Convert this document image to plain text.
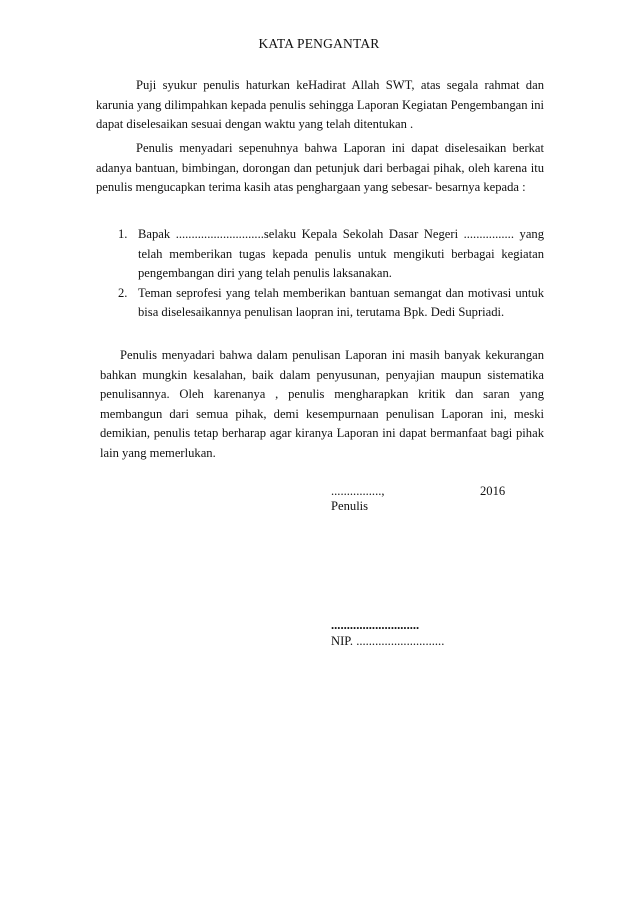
KATA PENGANTAR

Puji syukur penulis haturkan keHadirat Allah SWT, atas segala rahmat dan karunia yang dilimpahkan kepada penulis sehingga Laporan Kegiatan Pengembangan ini dapat diselesaikan sesuai dengan waktu yang telah ditentukan .

Penulis menyadari sepenuhnya bahwa Laporan ini dapat diselesaikan berkat adanya bantuan, bimbingan, dorongan dan petunjuk dari berbagai pihak, oleh karena itu penulis mengucapkan terima kasih atas penghargaan yang sebesar- besarnya kepada :

1. Bapak ............................selaku Kepala Sekolah Dasar Negeri ................ yang telah memberikan tugas kepada penulis untuk mengikuti berbagai kegiatan pengembangan diri yang telah penulis laksanakan.
2. Teman seprofesi yang telah memberikan bantuan semangat dan motivasi untuk bisa diselesaikannya penulisan laopran ini, terutama Bpk. Dedi Supriadi.

Penulis menyadari bahwa dalam penulisan Laporan ini masih banyak kekurangan bahkan mungkin kesalahan, baik dalam penyusunan, penyajian maupun sistematika penulisannya. Oleh karenanya , penulis mengharapkan kritik dan saran yang membangun dari semua pihak, demi kesempurnaan penulisan Laporan ini, meski demikian, penulis tetap berharap agar kiranya Laporan ini dapat bermanfaat bagi pihak lain yang memerlukan.

................,	2016
Penulis
............................
NIP. ............................
